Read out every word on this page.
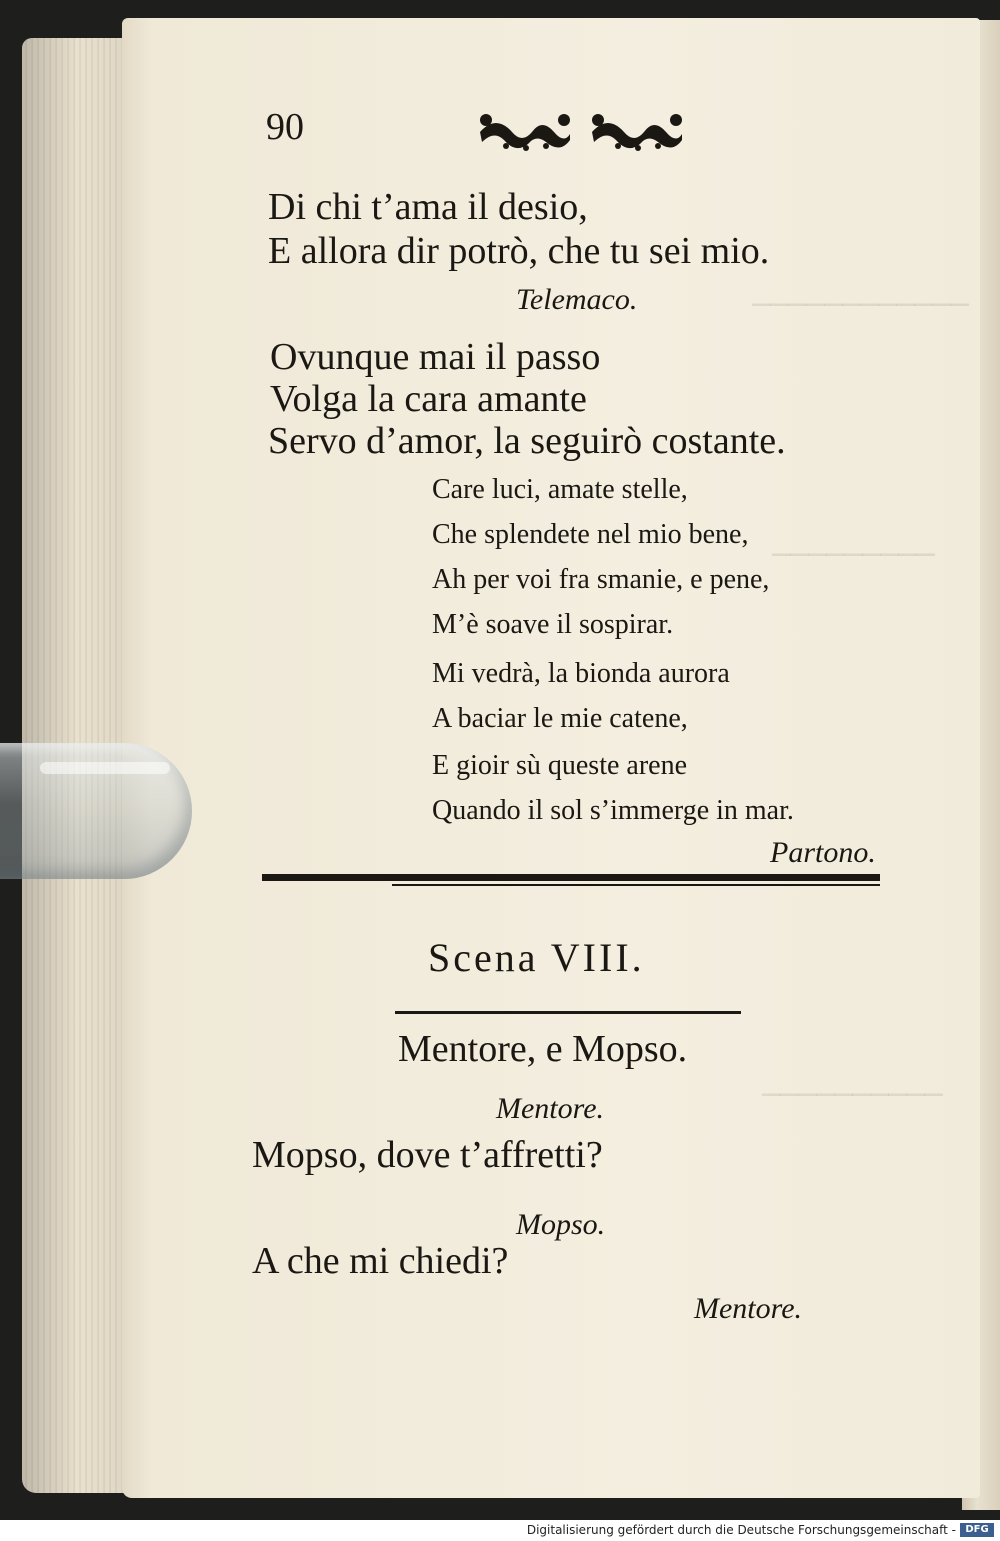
90
Di chi t’ama il desio,
E allora dir potrò, che tu sei mio.
Telemaco.
Ovunque mai il passo
Volga la cara amante
Servo d’amor, la seguirò costante.
Care luci, amate stelle,
Che splendete nel mio bene,
Ah per voi fra smanie, e pene,
M’è soave il sospirar.
Mi vedrà, la bionda aurora
A baciar le mie catene,
E gioir sù queste arene
Quando il sol s’immerge in mar.
Partono.
Scena VIII.
Mentore, e Mopso.
Mentore.
Mopso, dove t’affretti?
Mopso.
A che mi chiedi?
Mentore.
Digitalisierung gefördert durch die Deutsche Forschungsgemeinschaft - DFG
